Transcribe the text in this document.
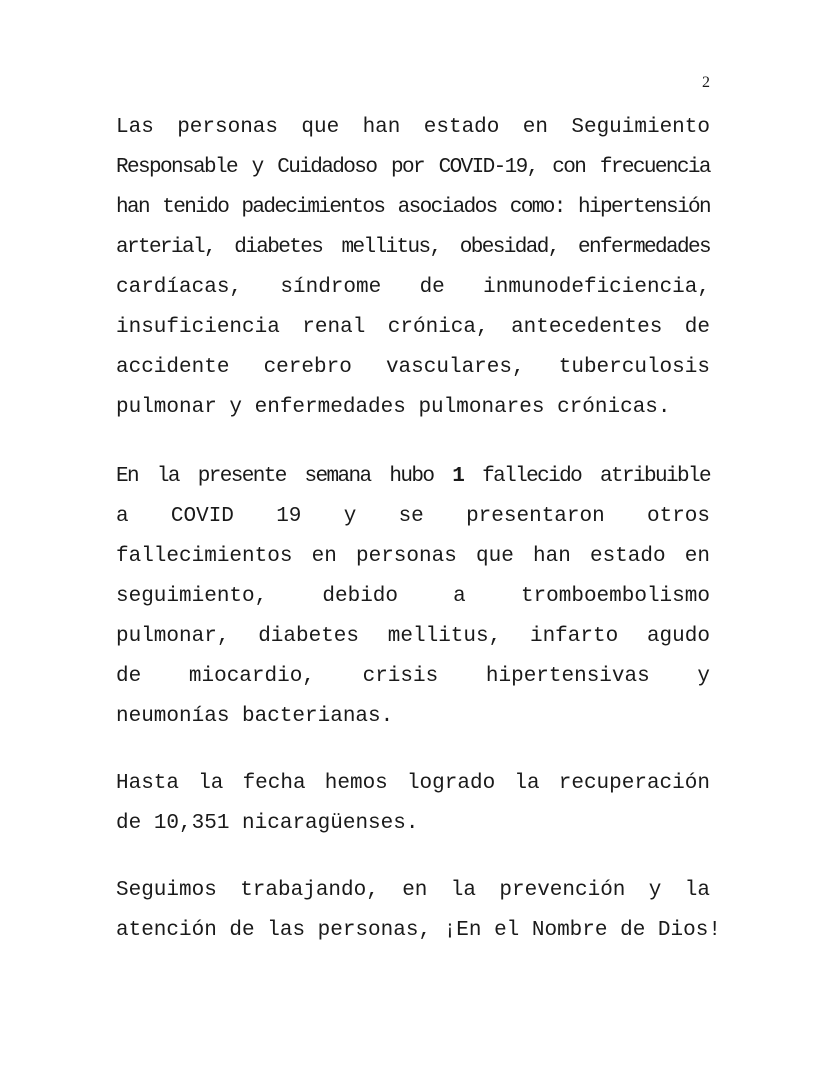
2
Las personas que han estado en Seguimiento
Responsable y Cuidadoso por COVID-19, con frecuencia
han tenido padecimientos asociados como: hipertensión
arterial, diabetes mellitus, obesidad, enfermedades
cardíacas, síndrome de inmunodeficiencia,
insuficiencia renal crónica, antecedentes de
accidente cerebro vasculares, tuberculosis
pulmonar y enfermedades pulmonares crónicas.
En la presente semana hubo 1 fallecido atribuible
a COVID 19 y se presentaron otros
fallecimientos en personas que han estado en
seguimiento,	debido	a	tromboembolismo
pulmonar, diabetes mellitus, infarto agudo
de miocardio, crisis hipertensivas y
neumonías bacterianas.
Hasta la fecha hemos logrado la recuperación
de 10,351 nicaragüenses.
Seguimos trabajando, en la prevención y la
atención de las personas, ¡En el Nombre de Dios!
